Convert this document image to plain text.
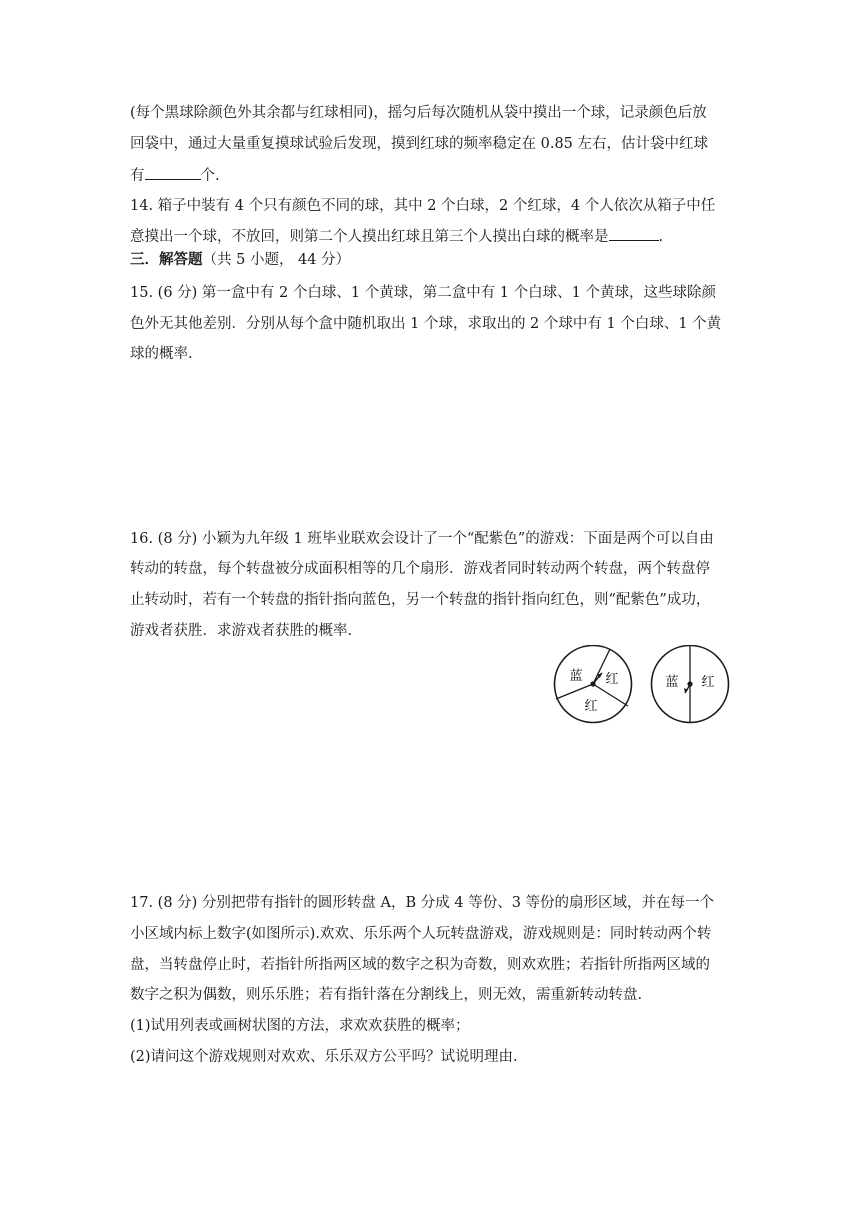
(每个黑球除颜色外其余都与红球相同)，摇匀后每次随机从袋中摸出一个球，记录颜色后放
回袋中，通过大量重复摸球试验后发现，摸到红球的频率稳定在 0.85 左右，估计袋中红球
有	个.
14. 箱子中装有 4 个只有颜色不同的球，其中 2 个白球，2 个红球，4 个人依次从箱子中任
意摸出一个球，不放回，则第二个人摸出红球且第三个人摸出白球的概率是	.
三．解答题（共 5 小题， 44 分）
15. (6 分) 第一盒中有 2 个白球、1 个黄球，第二盒中有 1 个白球、1 个黄球，这些球除颜
色外无其他差别．分别从每个盒中随机取出 1 个球，求取出的 2 个球中有 1 个白球、1 个黄
球的概率.
16. (8 分) 小颖为九年级 1 班毕业联欢会设计了一个“配紫色”的游戏：下面是两个可以自由
转动的转盘，每个转盘被分成面积相等的几个扇形．游戏者同时转动两个转盘，两个转盘停
止转动时，若有一个转盘的指针指向蓝色，另一个转盘的指针指向红色，则“配紫色”成功，
游戏者获胜．求游戏者获胜的概率.
蓝 红
红
蓝 红
17. (8 分) 分别把带有指针的圆形转盘 A，B 分成 4 等份、3 等份的扇形区域，并在每一个
小区域内标上数字(如图所示).欢欢、乐乐两个人玩转盘游戏，游戏规则是：同时转动两个转
盘，当转盘停止时，若指针所指两区域的数字之积为奇数，则欢欢胜；若指针所指两区域的
数字之积为偶数，则乐乐胜；若有指针落在分割线上，则无效，需重新转动转盘.
(1)试用列表或画树状图的方法，求欢欢获胜的概率；
(2)请问这个游戏规则对欢欢、乐乐双方公平吗？试说明理由.
